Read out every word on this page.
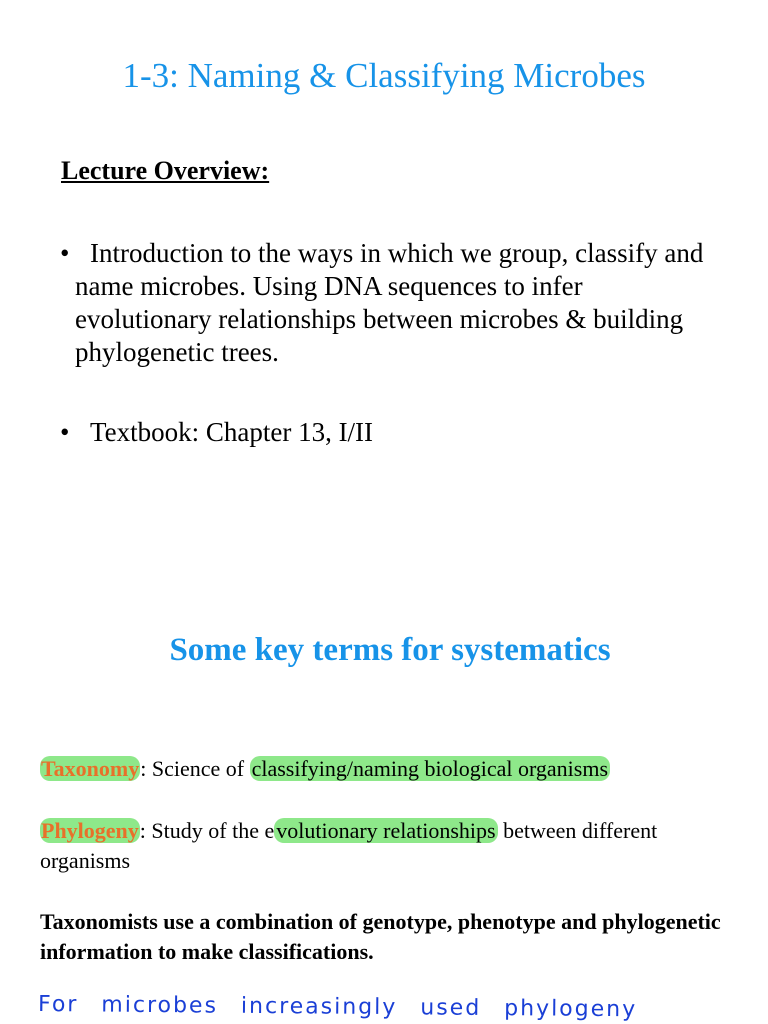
1-3: Naming & Classifying Microbes
Lecture Overview:
• Introduction to the ways in which we group, classify and name microbes. Using DNA sequences to infer evolutionary relationships between microbes & building phylogenetic trees.
• Textbook: Chapter 13, I/II
Some key terms for systematics

Taxonomy: Science of classifying/naming biological organisms

Phylogeny: Study of the evolutionary relationships between different organisms

Taxonomists use a combination of genotype, phenotype and phylogenetic information to make classifications.

For microbes increasingly used phylogeny
